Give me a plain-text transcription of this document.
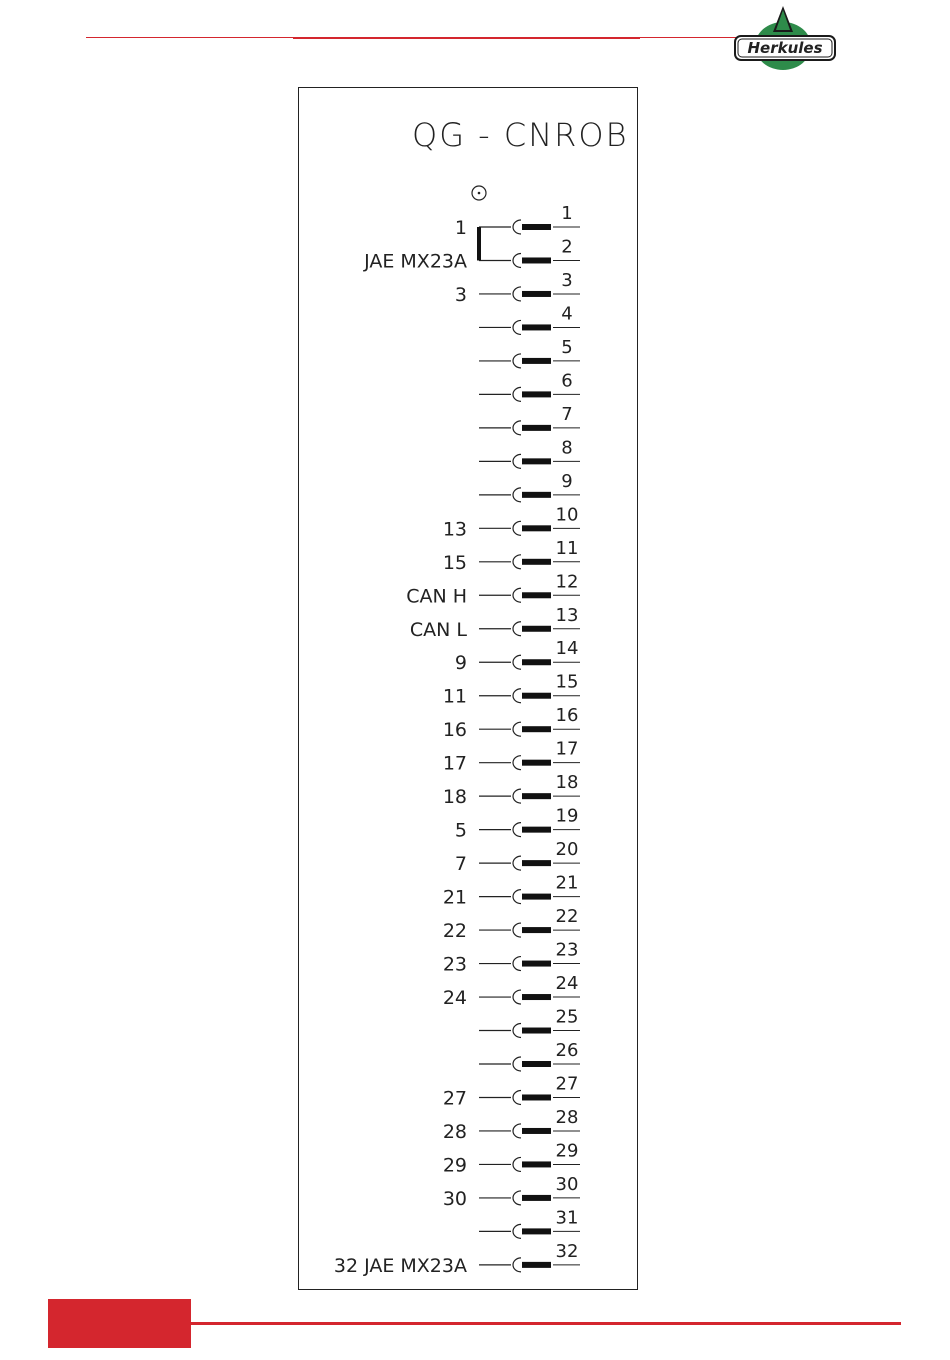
Herkules
QG - CNROB
1
1
2
3
3
4
5
6
7
8
9
10
13
11
15
12
CAN H
13
CAN L
14
9
15
11
16
16
17
17
18
18
19
5
20
7
21
21
22
22
23
23
24
24
25
26
27
27
28
28
29
29
30
30
31
32
JAE MX23A
32 JAE MX23A
